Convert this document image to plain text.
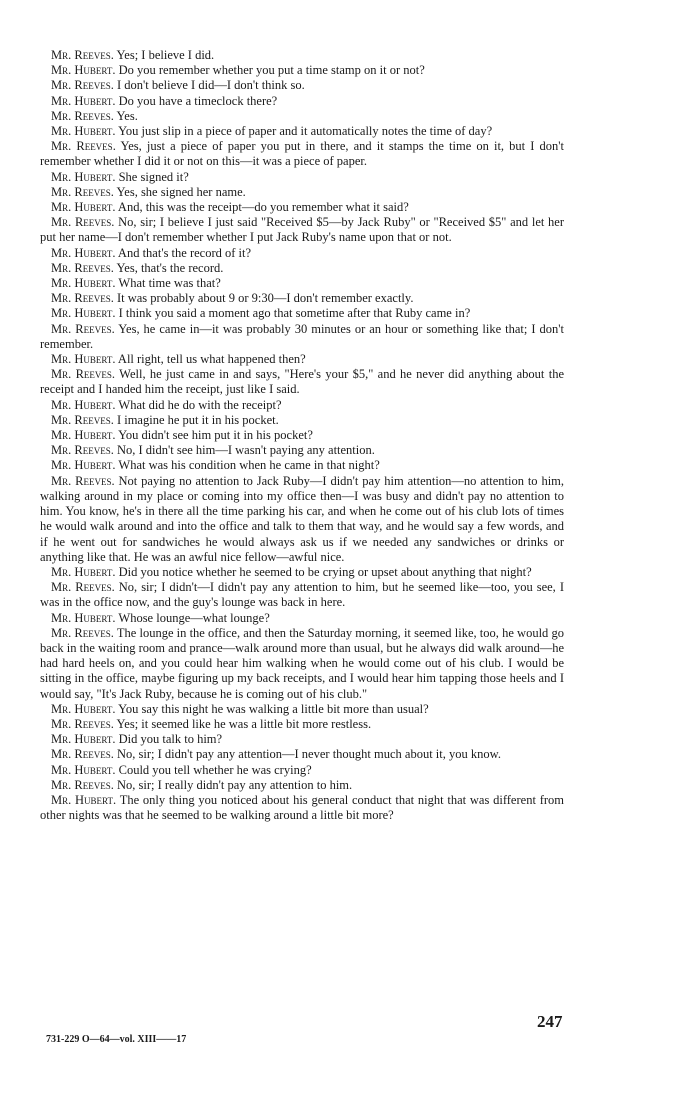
Mr. Reeves. Yes; I believe I did.

Mr. Hubert. Do you remember whether you put a time stamp on it or not?

Mr. Reeves. I don't believe I did—I don't think so.

Mr. Hubert. Do you have a timeclock there?

Mr. Reeves. Yes.

Mr. Hubert. You just slip in a piece of paper and it automatically notes the time of day?

Mr. Reeves. Yes, just a piece of paper you put in there, and it stamps the time on it, but I don't remember whether I did it or not on this—it was a piece of paper.

Mr. Hubert. She signed it?

Mr. Reeves. Yes, she signed her name.

Mr. Hubert. And, this was the receipt—do you remember what it said?

Mr. Reeves. No, sir; I believe I just said "Received $5—by Jack Ruby" or "Received $5" and let her put her name—I don't remember whether I put Jack Ruby's name upon that or not.

Mr. Hubert. And that's the record of it?

Mr. Reeves. Yes, that's the record.

Mr. Hubert. What time was that?

Mr. Reeves. It was probably about 9 or 9:30—I don't remember exactly.

Mr. Hubert. I think you said a moment ago that sometime after that Ruby came in?

Mr. Reeves. Yes, he came in—it was probably 30 minutes or an hour or something like that; I don't remember.

Mr. Hubert. All right, tell us what happened then?

Mr. Reeves. Well, he just came in and says, "Here's your $5," and he never did anything about the receipt and I handed him the receipt, just like I said.

Mr. Hubert. What did he do with the receipt?

Mr. Reeves. I imagine he put it in his pocket.

Mr. Hubert. You didn't see him put it in his pocket?

Mr. Reeves. No, I didn't see him—I wasn't paying any attention.

Mr. Hubert. What was his condition when he came in that night?

Mr. Reeves. Not paying no attention to Jack Ruby—I didn't pay him attention—no attention to him, walking around in my place or coming into my office then—I was busy and didn't pay no attention to him. You know, he's in there all the time parking his car, and when he come out of his club lots of times he would walk around and into the office and talk to them that way, and he would say a few words, and if he went out for sandwiches he would always ask us if we needed any sandwiches or drinks or anything like that. He was an awful nice fellow—awful nice.

Mr. Hubert. Did you notice whether he seemed to be crying or upset about anything that night?

Mr. Reeves. No, sir; I didn't—I didn't pay any attention to him, but he seemed like—too, you see, I was in the office now, and the guy's lounge was back in here.

Mr. Hubert. Whose lounge—what lounge?

Mr. Reeves. The lounge in the office, and then the Saturday morning, it seemed like, too, he would go back in the waiting room and prance—walk around more than usual, but he always did walk around—he had hard heels on, and you could hear him walking when he would come out of his club. I would be sitting in the office, maybe figuring up my back receipts, and I would hear him tapping those heels and I would say, "It's Jack Ruby, because he is coming out of his club."

Mr. Hubert. You say this night he was walking a little bit more than usual?

Mr. Reeves. Yes; it seemed like he was a little bit more restless.

Mr. Hubert. Did you talk to him?

Mr. Reeves. No, sir; I didn't pay any attention—I never thought much about it, you know.

Mr. Hubert. Could you tell whether he was crying?

Mr. Reeves. No, sir; I really didn't pay any attention to him.

Mr. Hubert. The only thing you noticed about his general conduct that night that was different from other nights was that he seemed to be walking around a little bit more?

247
731-229 O—64—vol. XIII——17
